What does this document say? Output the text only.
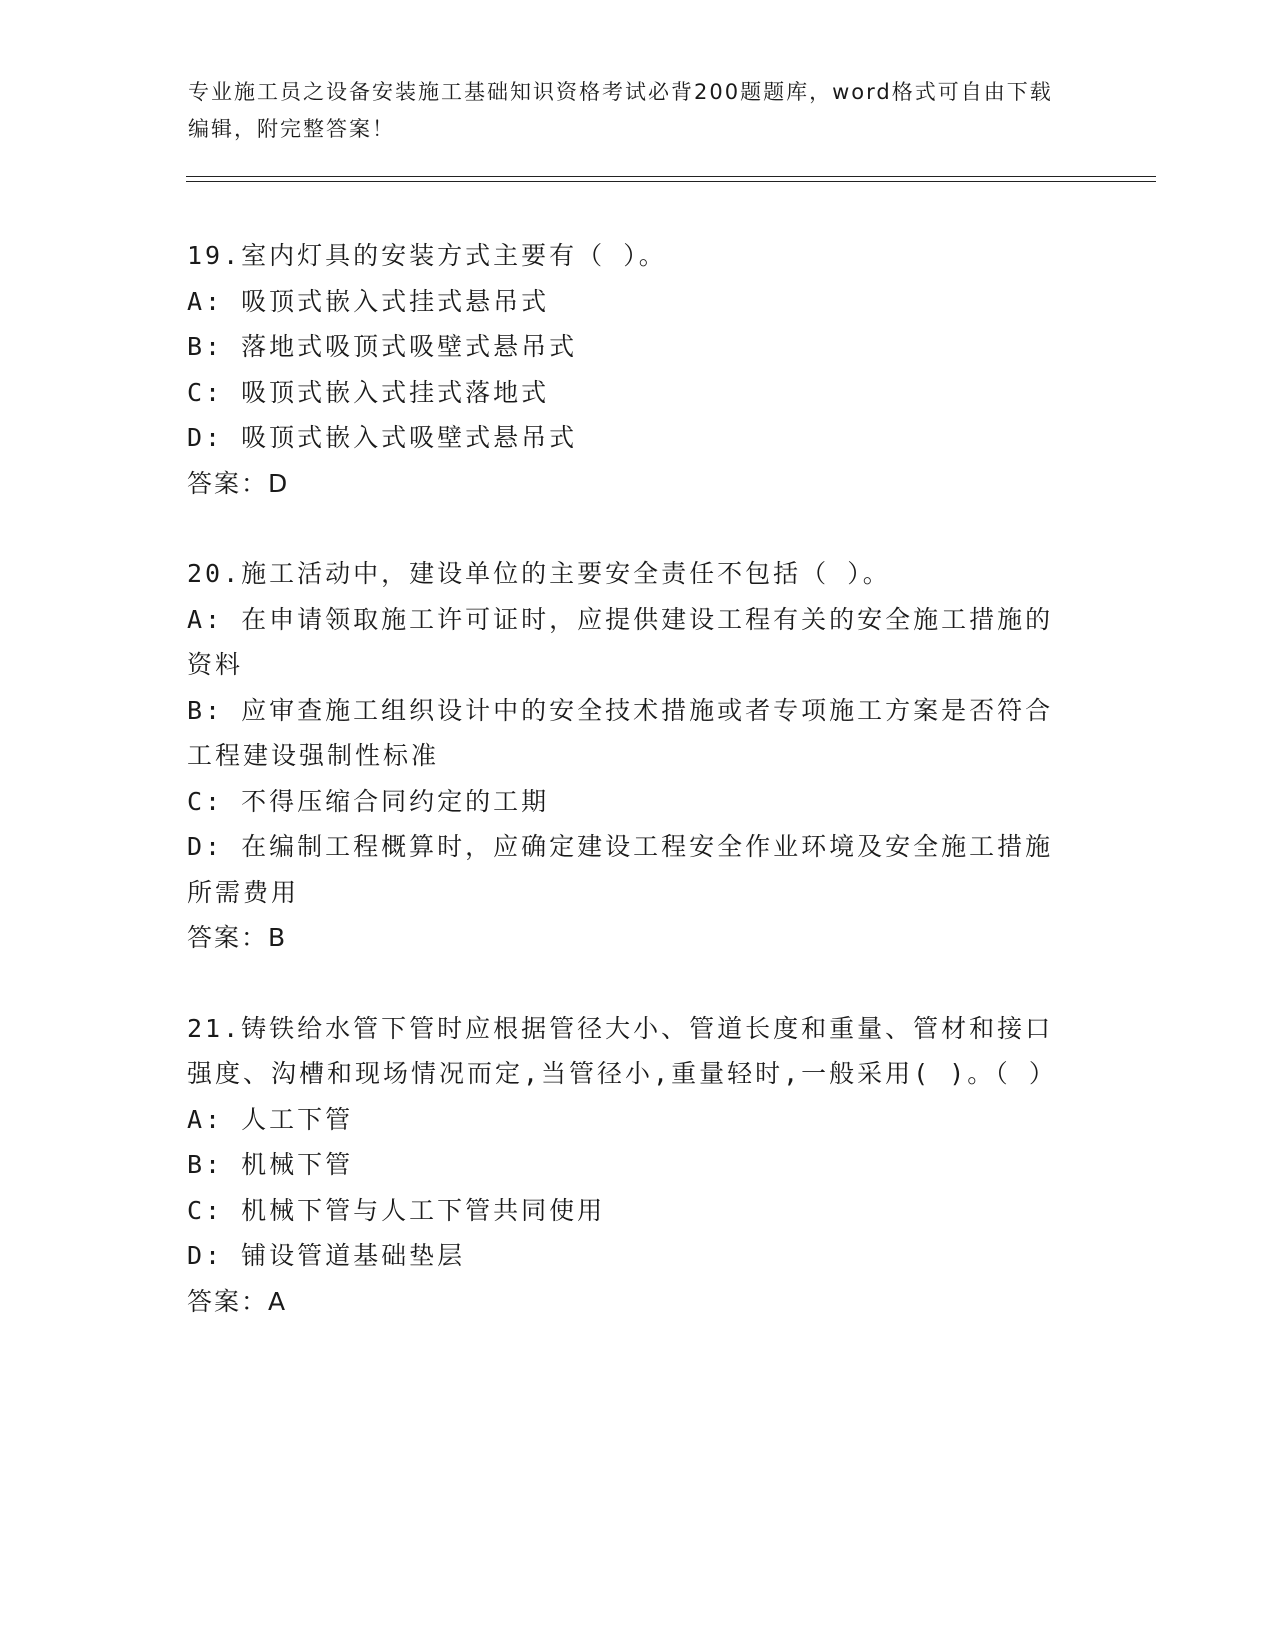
专业施工员之设备安装施工基础知识资格考试必背200题题库，word格式可自由下载编辑，附完整答案！

19.室内灯具的安装方式主要有（ ）。

A: 吸顶式嵌入式挂式悬吊式

B: 落地式吸顶式吸壁式悬吊式

C: 吸顶式嵌入式挂式落地式

D: 吸顶式嵌入式吸壁式悬吊式

答案：D

20.施工活动中，建设单位的主要安全责任不包括（ ）。

A: 在申请领取施工许可证时，应提供建设工程有关的安全施工措施的资料

B: 应审查施工组织设计中的安全技术措施或者专项施工方案是否符合工程建设强制性标准

C: 不得压缩合同约定的工期

D: 在编制工程概算时，应确定建设工程安全作业环境及安全施工措施所需费用

答案：B

21.铸铁给水管下管时应根据管径大小、管道长度和重量、管材和接口强度、沟槽和现场情况而定,当管径小,重量轻时,一般采用( )。（ ）

A: 人工下管

B: 机械下管

C: 机械下管与人工下管共同使用

D: 铺设管道基础垫层

答案：A
